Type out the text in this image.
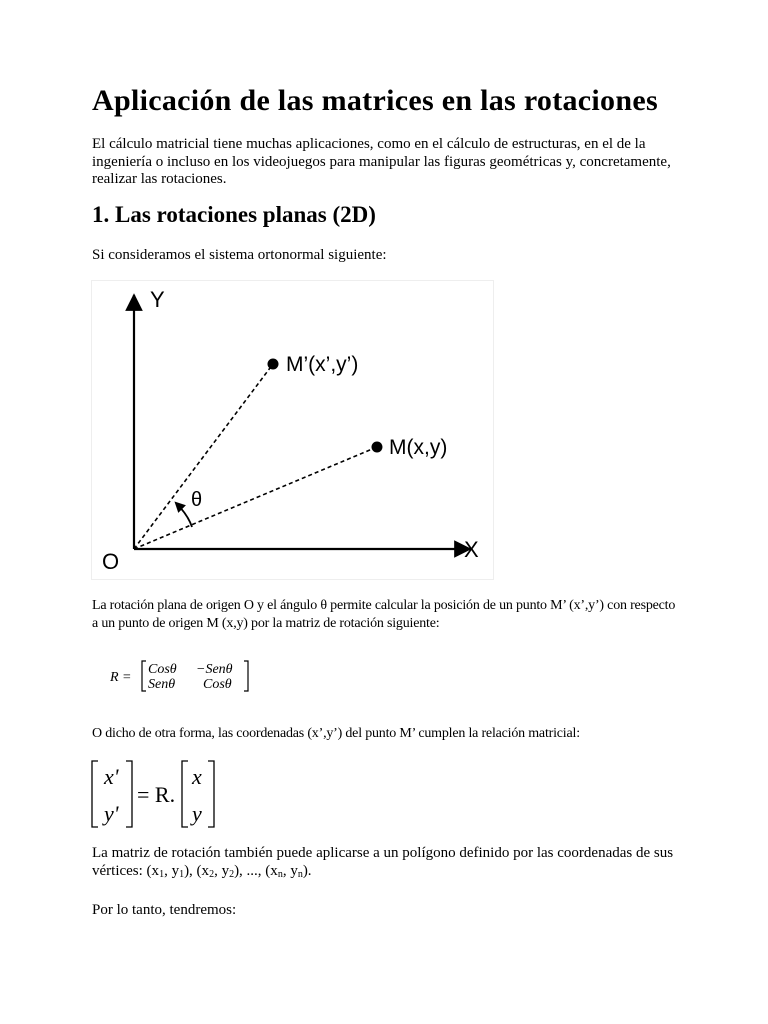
Aplicación de las matrices en las rotaciones

El cálculo matricial tiene muchas aplicaciones, como en el cálculo de estructuras, en el de la ingeniería o incluso en los videojuegos para manipular las figuras geométricas y, concretamente, realizar las rotaciones.

1. Las rotaciones planas (2D)

Si consideramos el sistema ortonormal siguiente:

Y
X
O
M’(x’,y’)
M(x,y)
θ

La rotación plana de origen O y el ángulo θ permite calcular la posición de un punto M’ (x’,y’) con respecto a un punto de origen M (x,y) por la matriz de rotación siguiente:

R =
Cosθ −Senθ
Senθ Cosθ

O dicho de otra forma, las coordenadas (x’,y’) del punto M’ cumplen la relación matricial:

x'
y'
= R.
x
y

La matriz de rotación también puede aplicarse a un polígono definido por las coordenadas de sus vértices: ($x_1$, $y_1$), ($x_2$, $y_2$), ..., ($x_n$, $y_n$).

Por lo tanto, tendremos:
